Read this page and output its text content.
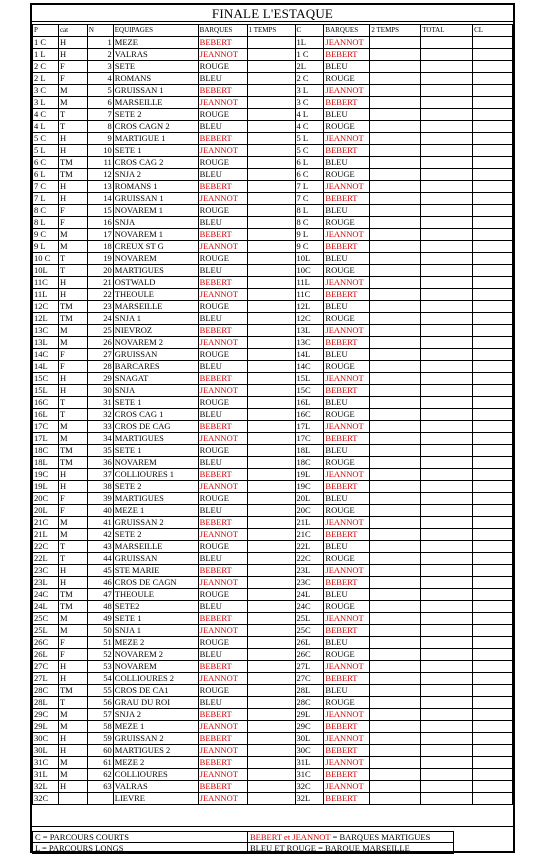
FINALE L'ESTAQUE
P	cat	N	EQUIPAGES	BARQUES	1 TEMPS	C	BARQUES	2 TEMPS	TOTAL	CL
1 C	H	1	MEZE	BEBERT		1L	JEANNOT			
1 L	H	2	VALRAS	JEANNOT		1 C	BEBERT			
2 C	F	3	SETE	ROUGE		2L	BLEU			
2 L	F	4	ROMANS	BLEU		2 C	ROUGE			
3 C	M	5	GRUISSAN 1	BEBERT		3 L	JEANNOT			
3 L	M	6	MARSEILLE	JEANNOT		3 C	BEBERT			
4 C	T	7	SETE 2	ROUGE		4 L	BLEU			
4 L	T	8	CROS CAGN 2	BLEU		4 C	ROUGE			
5 C	H	9	MARTIGUE 1	BEBERT		5 L	JEANNOT			
5 L	H	10	SETE 1	JEANNOT		5 C	BEBERT			
6 C	TM	11	CROS CAG 2	ROUGE		6 L	BLEU			
6 L	TM	12	SNJA 2	BLEU		6 C	ROUGE			
7 C	H	13	ROMANS 1	BEBERT		7 L	JEANNOT			
7 L	H	14	GRUISSAN 1	JEANNOT		7 C	BEBERT			
8 C	F	15	NOVAREM 1	ROUGE		8 L	BLEU			
8 L	F	16	SNJA	BLEU		8 C	ROUGE			
9 C	M	17	NOVAREM 1	BEBERT		9 L	JEANNOT			
9 L	M	18	CREUX ST G	JEANNOT		9 C	BEBERT			
10 C	T	19	NOVAREM	ROUGE		10L	BLEU			
10L	T	20	MARTIGUES	BLEU		10C	ROUGE			
11C	H	21	OSTWALD	BEBERT		11L	JEANNOT			
11L	H	22	THEOULE	JEANNOT		11C	BEBERT			
12C	TM	23	MARSEILLE	ROUGE		12L	BLEU			
12L	TM	24	SNJA 1	BLEU		12C	ROUGE			
13C	M	25	NIEVROZ	BEBERT		13L	JEANNOT			
13L	M	26	NOVAREM 2	JEANNOT		13C	BEBERT			
14C	F	27	GRUISSAN	ROUGE		14L	BLEU			
14L	F	28	BARCARES	BLEU		14C	ROUGE			
15C	H	29	SNAGAT	BEBERT		15L	JEANNOT			
15L	H	30	SNJA	JEANNOT		15C	BEBERT			
16C	T	31	SETE 1	ROUGE		16L	BLEU			
16L	T	32	CROS CAG 1	BLEU		16C	ROUGE			
17C	M	33	CROS DE CAG	BEBERT		17L	JEANNOT			
17L	M	34	MARTIGUES	JEANNOT		17C	BEBERT			
18C	TM	35	SETE 1	ROUGE		18L	BLEU			
18L	TM	36	NOVAREM	BLEU		18C	ROUGE			
19C	H	37	COLLIOURES 1	BEBERT		19L	JEANNOT			
19L	H	38	SETE 2	JEANNOT		19C	BEBERT			
20C	F	39	MARTIGUES	ROUGE		20L	BLEU			
20L	F	40	MEZE 1	BLEU		20C	ROUGE			
21C	M	41	GRUISSAN 2	BEBERT		21L	JEANNOT			
21L	M	42	SETE 2	JEANNOT		21C	BEBERT			
22C	T	43	MARSEILLE	ROUGE		22L	BLEU			
22L	T	44	GRUISSAN	BLEU		22C	ROUGE			
23C	H	45	STE MARIE	BEBERT		23L	JEANNOT			
23L	H	46	CROS DE CAGN	JEANNOT		23C	BEBERT			
24C	TM	47	THEOULE	ROUGE		24L	BLEU			
24L	TM	48	SETE2	BLEU		24C	ROUGE			
25C	M	49	SETE 1	BEBERT		25L	JEANNOT			
25L	M	50	SNJA 1	JEANNOT		25C	BEBERT			
26C	F	51	MEZE 2	ROUGE		26L	BLEU			
26L	F	52	NOVAREM 2	BLEU		26C	ROUGE			
27C	H	53	NOVAREM	BEBERT		27L	JEANNOT			
27L	H	54	COLLIOURES 2	JEANNOT		27C	BEBERT			
28C	TM	55	CROS DE CA1	ROUGE		28L	BLEU			
28L	T	56	GRAU DU ROI	BLEU		28C	ROUGE			
29C	M	57	SNJA 2	BEBERT		29L	JEANNOT			
29L	M	58	MEZE 1	JEANNOT		29C	BEBERT			
30C	H	59	GRUISSAN 2	BEBERT		30L	JEANNOT			
30L	H	60	MARTIGUES 2	JEANNOT		30C	BEBERT			
31C	M	61	MEZE 2	BEBERT		31L	JEANNOT			
31L	M	62	COLLIOURES	JEANNOT		31C	BEBERT			
32L	H	63	VALRAS	BEBERT		32C	JEANNOT			
32C			LIEVRE	JEANNOT		32L	BEBERT			
C = PARCOURS COURTS	BEBERT et JEANNOT = BARQUES MARTIGUES
L = PARCOURS LONGS	BLEU ET ROUGE = BARQUE MARSEILLE
